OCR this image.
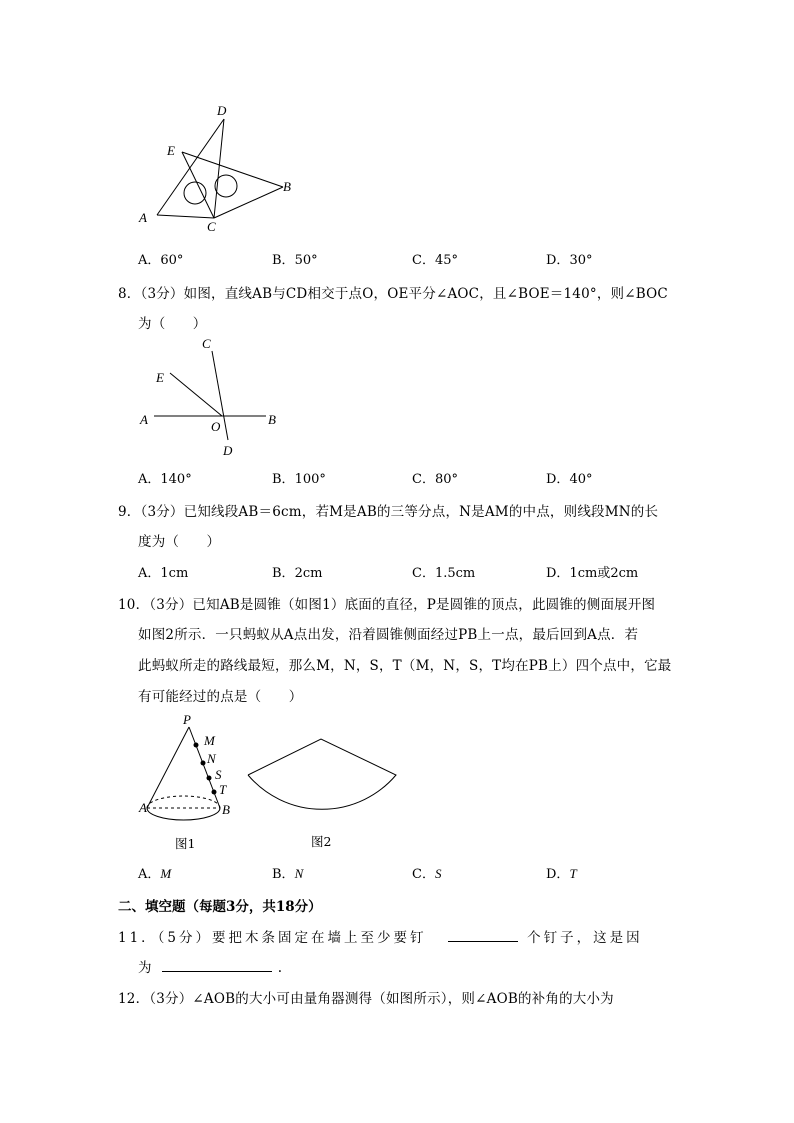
D
E
B
A
C
A．60°	B．50°	C．45°	D．30°
8．（3分）如图，直线AB与CD相交于点O，OE平分∠AOC，且∠BOE＝140°，则∠BOC
为（　　）
C
E
A	O	B
D
A．140°	B．100°	C．80°	D．40°
9．（3分）已知线段AB＝6cm，若M是AB的三等分点，N是AM的中点，则线段MN的长
度为（　　）
A．1cm	B．2cm	C．1.5cm	D．1cm或2cm
10．（3分）已知AB是圆锥（如图1）底面的直径，P是圆锥的顶点，此圆锥的侧面展开图
如图2所示．一只蚂蚁从A点出发，沿着圆锥侧面经过PB上一点，最后回到A点．若
此蚂蚁所走的路线最短，那么M，N，S，T（M，N，S，T均在PB上）四个点中，它最
有可能经过的点是（　　）
P
M
N
S
T
A	B
图1	图2
A．M	B．N	C．S	D．T
二、填空题（每题3分，共18分）
11．（5分）要把木条固定在墙上至少要钉	个钉子，这是因
为	.
12．（3分）∠AOB的大小可由量角器测得（如图所示），则∠AOB的补角的大小为
